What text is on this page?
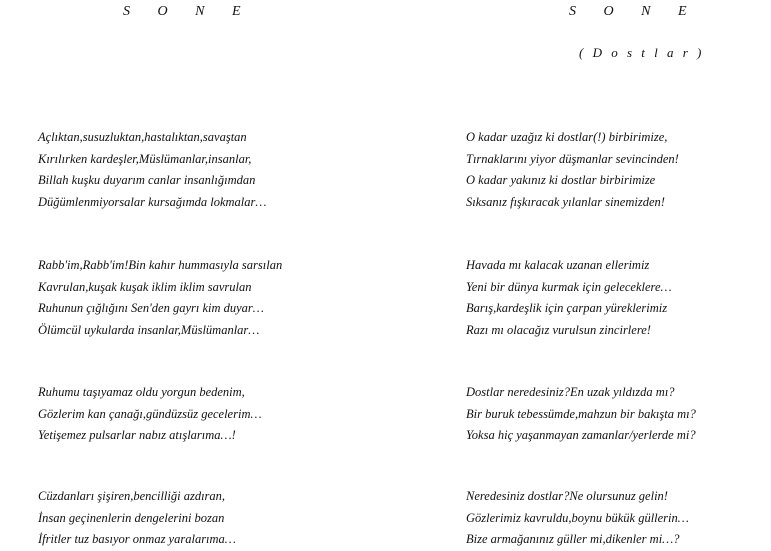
S O N E
Açlıktan,susuzluktan,hastalıktan,savaştan
Kırılırken kardeşler,Müslümanlar,insanlar,
Billah kuşku duyarım canlar insanlığımdan
Düğümlenmiyorsalar kursağımda lokmalar…
Rabb'im,Rabb'im!Bin kahır hummasıyla sarsılan
Kavrulan,kuşak kuşak iklim iklim savrulan
Ruhunun çığlığını Sen'den gayrı kim duyar…
Ölümcül uykularda insanlar,Müslümanlar…
Ruhumu taşıyamaz oldu yorgun bedenim,
Gözlerim kan çanağı,gündüzsüz gecelerim…
Yetişemez pulsarlar nabız atışlarıma…!
Cüzdanları şişiren,bencilliği azdıran,
İnsan geçinenlerin dengelerini bozan
İfritler tuz basıyor onmaz yaralarıma…
S O N E
( D o s t l a r )
O kadar uzağız ki dostlar(!) birbirimize,
Tırnaklarını yiyor düşmanlar sevincinden!
O kadar yakınız ki dostlar birbirimize
Sıksanız fışkıracak yılanlar sinemizden!
Havada mı kalacak uzanan ellerimiz
Yeni bir dünya kurmak için geleceklere…
Barış,kardeşlik için çarpan yüreklerimiz
Razı mı olacağız vurulsun zincirlere!
Dostlar neredesiniz?En uzak yıldızda mı?
Bir buruk tebessümde,mahzun bir bakışta mı?
Yoksa hiç yaşanmayan zamanlar/yerlerde mi?
Neredesiniz dostlar?Ne olursunuz gelin!
Gözlerimiz kavruldu,boynu bükük güllerin…
Bize armağanınız güller mi,dikenler mi…?
